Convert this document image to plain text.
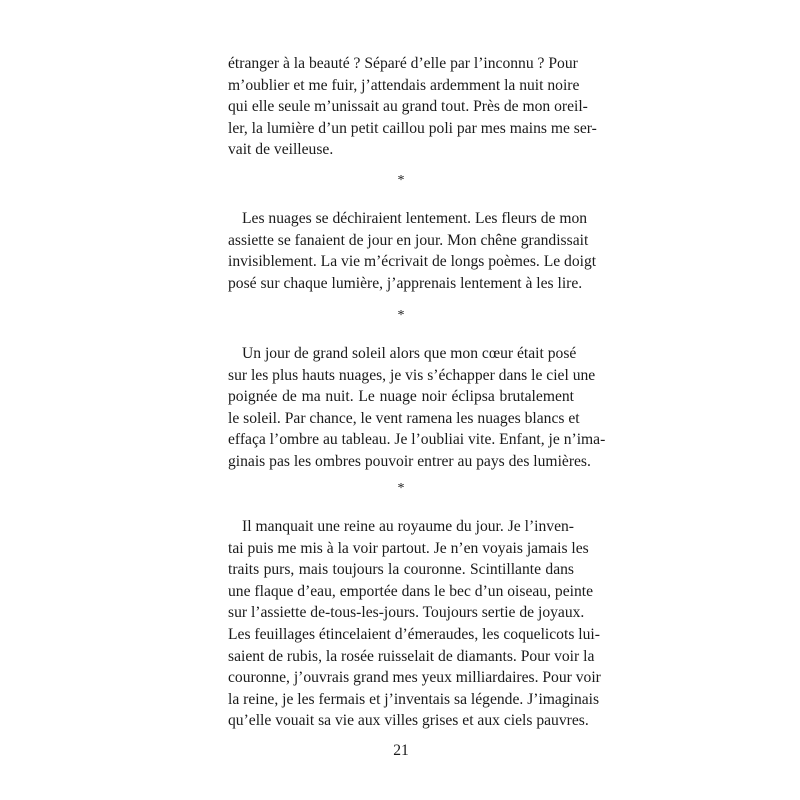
étranger à la beauté ? Séparé d’elle par l’inconnu ? Pour
m’oublier et me fuir, j’attendais ardemment la nuit noire
qui elle seule m’unissait au grand tout. Près de mon oreil-
ler, la lumière d’un petit caillou poli par mes mains me ser-
vait de veilleuse.
*
Les nuages se déchiraient lentement. Les fleurs de mon
assiette se fanaient de jour en jour. Mon chêne grandissait
invisiblement. La vie m’écrivait de longs poèmes. Le doigt
posé sur chaque lumière, j’apprenais lentement à les lire.
*
Un jour de grand soleil alors que mon cœur était posé
sur les plus hauts nuages, je vis s’échapper dans le ciel une
poignée de ma nuit. Le nuage noir éclipsa brutalement
le soleil. Par chance, le vent ramena les nuages blancs et
effaça l’ombre au tableau. Je l’oubliai vite. Enfant, je n’ima-
ginais pas les ombres pouvoir entrer au pays des lumières.
*
Il manquait une reine au royaume du jour. Je l’inven-
tai puis me mis à la voir partout. Je n’en voyais jamais les
traits purs, mais toujours la couronne. Scintillante dans
une flaque d’eau, emportée dans le bec d’un oiseau, peinte
sur l’assiette de-tous-les-jours. Toujours sertie de joyaux.
Les feuillages étincelaient d’émeraudes, les coquelicots lui-
saient de rubis, la rosée ruisselait de diamants. Pour voir la
couronne, j’ouvrais grand mes yeux milliardaires. Pour voir
la reine, je les fermais et j’inventais sa légende. J’imaginais
qu’elle vouait sa vie aux villes grises et aux ciels pauvres.
21
